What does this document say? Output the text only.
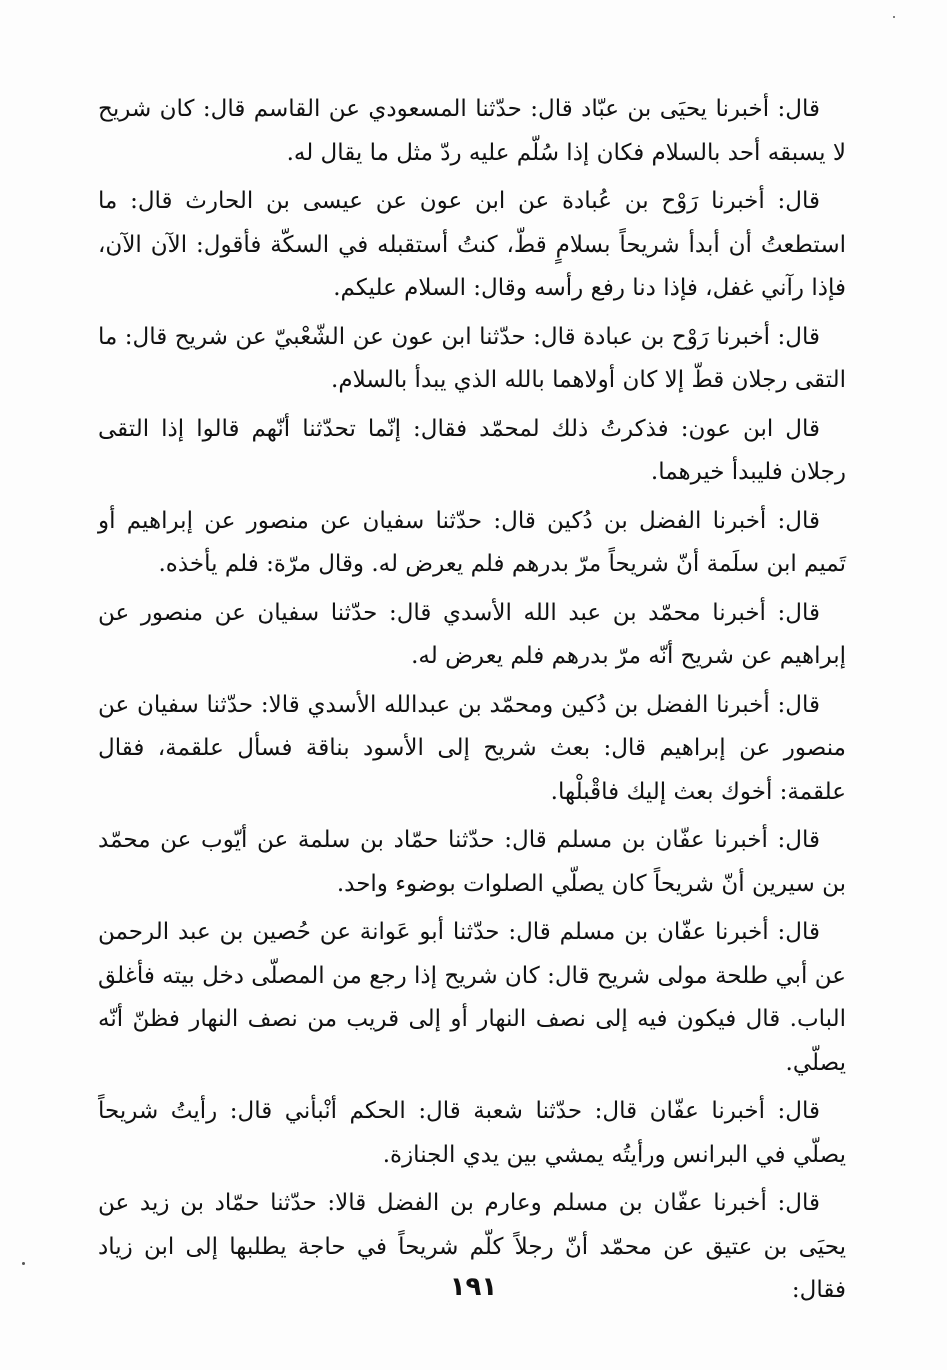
قال: أخبرنا يحيَى بن عبّاد قال: حدّثنا المسعودي عن القاسم قال: كان شريح لا يسبقه أحد بالسلام فكان إذا سُلّم عليه ردّ مثل ما يقال له.

قال: أخبرنا رَوْح بن عُبادة عن ابن عون عن عيسى بن الحارث قال: ما استطعتُ أن أبدأ شريحاً بسلامٍ قطّ، كنتُ أستقبله في السكّة فأقول: الآن الآن، فإذا رآني غفل، فإذا دنا رفع رأسه وقال: السلام عليكم.

قال: أخبرنا رَوْح بن عبادة قال: حدّثنا ابن عون عن الشّعْبيّ عن شريح قال: ما التقى رجلان قطّ إلا كان أولاهما بالله الذي يبدأ بالسلام.

قال ابن عون: فذكرتُ ذلك لمحمّد فقال: إنّما تحدّثنا أنّهم قالوا إذا التقى رجلان فليبدأ خيرهما.

قال: أخبرنا الفضل بن دُكين قال: حدّثنا سفيان عن منصور عن إبراهيم أو تَميم ابن سلَمة أنّ شريحاً مرّ بدرهم فلم يعرض له. وقال مرّة: فلم يأخذه.

قال: أخبرنا محمّد بن عبد الله الأسدي قال: حدّثنا سفيان عن منصور عن إبراهيم عن شريح أنّه مرّ بدرهم فلم يعرض له.

قال: أخبرنا الفضل بن دُكين ومحمّد بن عبدالله الأسدي قالا: حدّثنا سفيان عن منصور عن إبراهيم قال: بعث شريح إلى الأسود بناقة فسأل علقمة، فقال علقمة: أخوك بعث إليك فاقْبلْها.

قال: أخبرنا عفّان بن مسلم قال: حدّثنا حمّاد بن سلمة عن أيّوب عن محمّد بن سيرين أنّ شريحاً كان يصلّي الصلوات بوضوء واحد.

قال: أخبرنا عفّان بن مسلم قال: حدّثنا أبو عَوانة عن حُصين بن عبد الرحمن عن أبي طلحة مولى شريح قال: كان شريح إذا رجع من المصلّى دخل بيته فأغلق الباب. قال فيكون فيه إلى نصف النهار أو إلى قريب من نصف النهار فظنّ أنّه يصلّي.

قال: أخبرنا عفّان قال: حدّثنا شعبة قال: الحكم أنْبأني قال: رأيتُ شريحاً يصلّي في البرانس ورأيتُه يمشي بين يدي الجنازة.

قال: أخبرنا عفّان بن مسلم وعارم بن الفضل قالا: حدّثنا حمّاد بن زيد عن يحيَى بن عتيق عن محمّد أنّ رجلاً كلّم شريحاً في حاجة يطلبها إلى ابن زياد فقال:

١٩١
